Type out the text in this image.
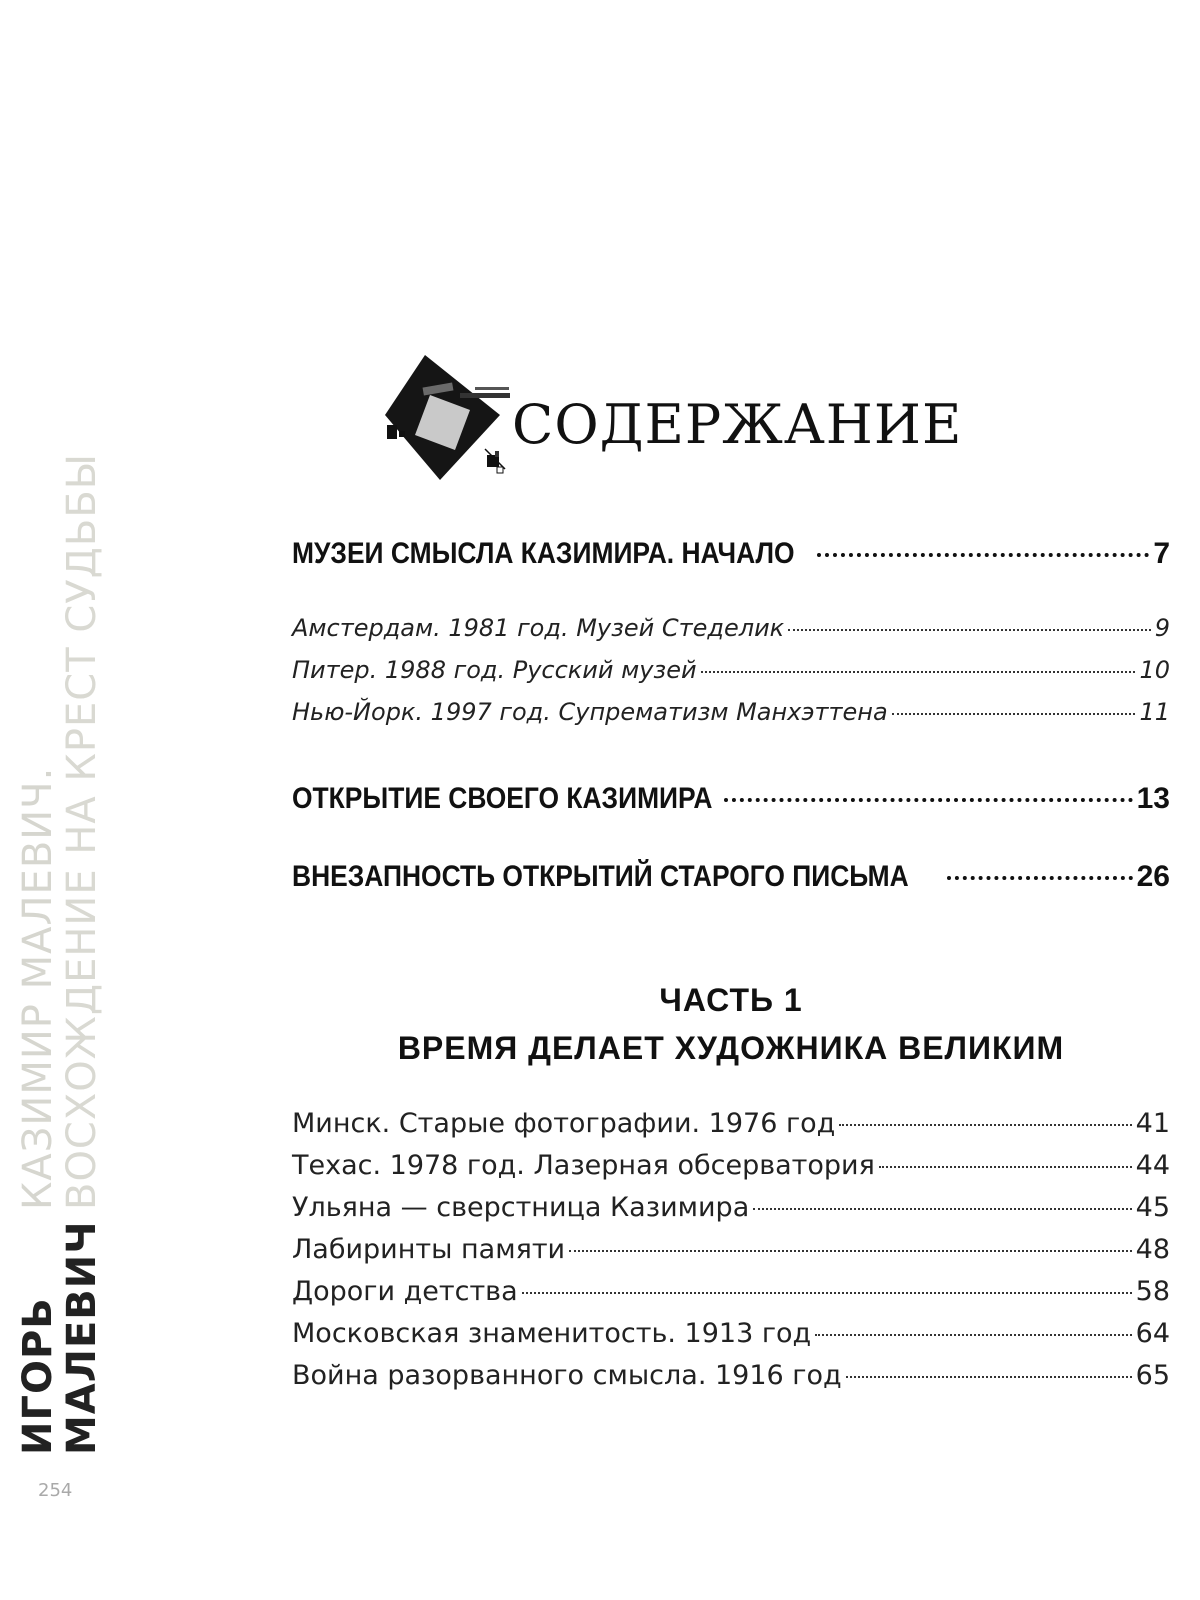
ИГОРЬ
МАЛЕВИЧ
КАЗИМИР МАЛЕВИЧ.
ВОСХОЖДЕНИЕ НА КРЕСТ СУДЬБЫ
254
СОДЕРЖАНИЕ
МУЗЕИ СМЫСЛА КАЗИМИРА. НАЧАЛО	7
Амстердам. 1981 год. Музей Стеделик	9
Питер. 1988 год. Русский музей	10
Нью-Йорк. 1997 год. Супрематизм Манхэттена	11
ОТКРЫТИЕ СВОЕГО КАЗИМИРА	13
ВНЕЗАПНОСТЬ ОТКРЫТИЙ СТАРОГО ПИСЬМА	26
Минск. Старые фотографии. 1976 год	41
Техас. 1978 год. Лазерная обсерватория	44
Ульяна — сверстница Казимира	45
Лабиринты памяти	48
Дороги детства	58
Московская знаменитость. 1913 год	64
Война разорванного смысла. 1916 год	65
ЧАСТЬ 1
ВРЕМЯ ДЕЛАЕТ ХУДОЖНИКА ВЕЛИКИМ
